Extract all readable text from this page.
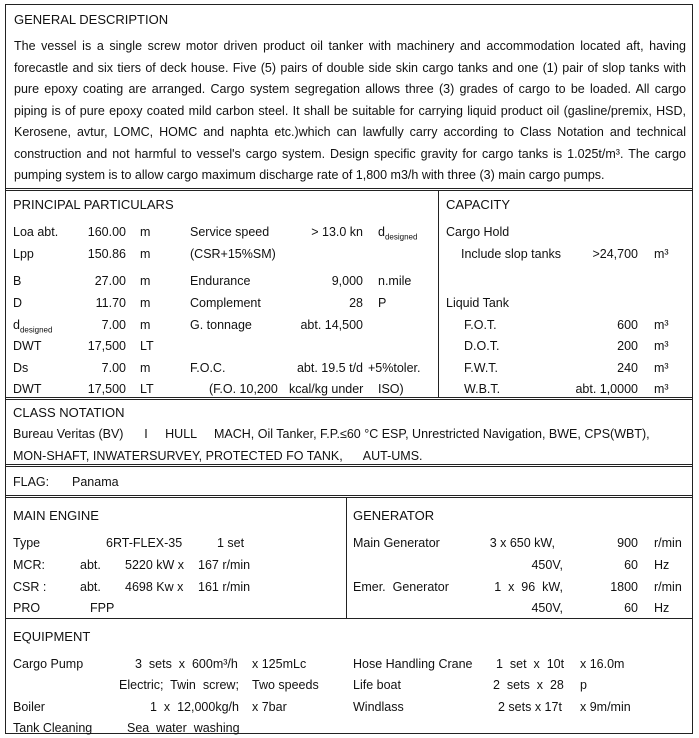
GENERAL DESCRIPTION
The vessel is a single screw motor driven product oil tanker with machinery and accommodation located aft, having forecastle and six tiers of deck house. Five (5) pairs of double side skin cargo tanks and one (1) pair of slop tanks with pure epoxy coating are arranged. Cargo system segregation allows three (3) grades of cargo to be loaded. All cargo piping is of pure epoxy coated mild carbon steel. It shall be suitable for carrying liquid product oil (gasline/premix, HSD, Kerosene, avtur, LOMC, HOMC and naphta etc.)which can lawfully carry according to Class Notation and technical construction and not harmful to vessel's cargo system. Design specific gravity for cargo tanks is 1.025t/m³. The cargo pumping system is to allow cargo maximum discharge rate of 1,800 m3/h with three (3) main cargo pumps.
PRINCIPAL PARTICULARS	CAPACITY
Loa abt.	160.00 m	Service speed	> 13.0 kn $d_{designed}$
Lpp	150.86 m	(CSR+15%SM)
B	27.00 m	Endurance	9,000 n.mile
D	11.70 m	Complement	28 P
$d_{designed}$	7.00 m	G. tonnage	abt. 14,500
DWT	17,500 LT
Ds	7.00 m	F.O.C.	abt. 19.5 t/d +5%toler.
DWT	17,500 LT	(F.O. 10,200 kcal/kg under ISO)
Cargo Hold
Include slop tanks	>24,700 m³
Liquid Tank
F.O.T.	600 m³
D.O.T.	200 m³
F.W.T.	240 m³
W.B.T.	abt. 1,0000 m³
CLASS NOTATION
Bureau Veritas (BV)      I     HULL     MACH, Oil Tanker, F.P.≤60 °C ESP, Unrestricted Navigation, BWE, CPS(WBT),
MON-SHAFT, INWATERSURVEY, PROTECTED FO TANK,      AUT-UMS.
FLAG: Panama
MAIN ENGINE	GENERATOR
Type	6RT-FLEX-35	1 set
MCR:	abt. 5220 kW x 167 r/min
CSR :	abt. 4698 Kw x 161 r/min
PRO	FPP
Main Generator	3 x 650 kW,	900 r/min
450V,	60 Hz
Emer.  Generator	1  x  96  kW,	1800 r/min
450V,	60 Hz
EQUIPMENT
Cargo Pump	3  sets  x  600m³/h x 125mLc
Electric;  Twin  screw; Two speeds
Boiler	1  x  12,000kg/h x 7bar
Tank Cleaning	Sea  water  washing
Hose Handling Crane 1  set  x  10t x 16.0m
Life boat	2  sets  x  28 p
Windlass	2 sets x 17t x 9m/min
